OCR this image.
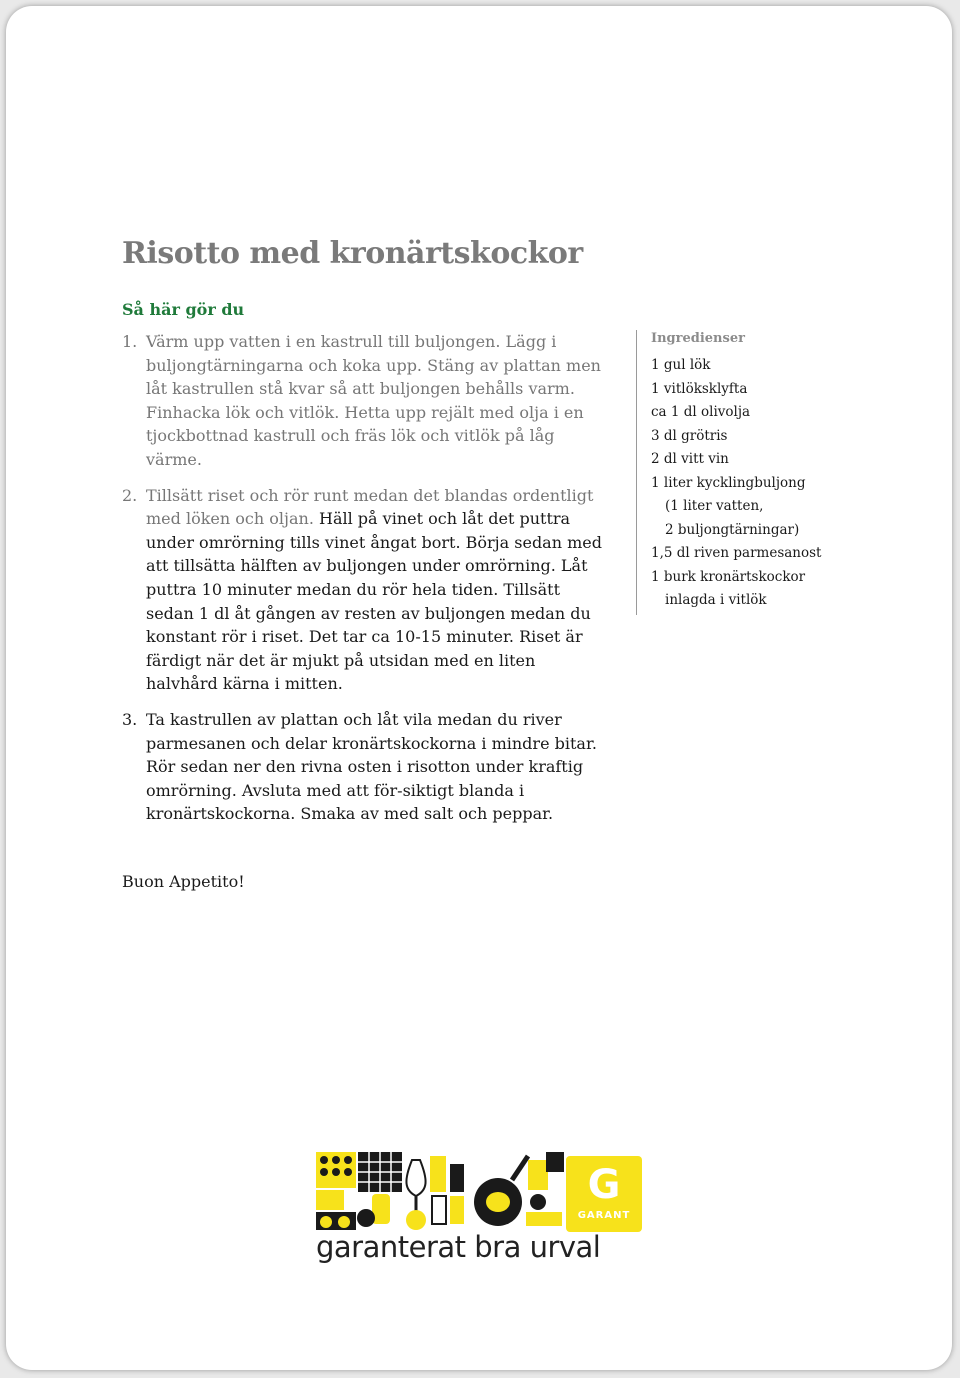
Risotto med kronärtskockor
Så här gör du
1. Värm upp vatten i en kastrull till buljongen. Lägg i buljongtärningarna och koka upp. Stäng av plattan men låt kastrullen stå kvar så att buljongen behålls varm. Finhacka lök och vitlök. Hetta upp rejält med olja i en tjockbottnad kastrull och fräs lök och vitlök på låg värme.
2. Tillsätt riset och rör runt medan det blandas ordentligt med löken och oljan. Häll på vinet och låt det puttra under omrörning tills vinet ångat bort. Börja sedan med att tillsätta hälften av buljongen under omrörning. Låt puttra 10 minuter medan du rör hela tiden. Tillsätt sedan 1 dl åt gången av resten av buljongen medan du konstant rör i riset. Det tar ca 10-15 minuter. Riset är färdigt när det är mjukt på utsidan med en liten halvhård kärna i mitten.
3. Ta kastrullen av plattan och låt vila medan du river parmesanen och delar kronärtskockorna i mindre bitar. Rör sedan ner den rivna osten i risotton under kraftig omrörning. Avsluta med att för-siktigt blanda i kronärtskockorna. Smaka av med salt och peppar.

Buon Appetito!

Ingredienser

1 gul lök
1 vitlöksklyfta
ca 1 dl olivolja
3 dl grötris
2 dl vitt vin
1 liter kycklingbuljong
(1 liter vatten,
2 buljongtärningar)
1,5 dl riven parmesanost
1 burk kronärtskockor
inlagda i vitlök
G
GARANT

garanterat bra urval
